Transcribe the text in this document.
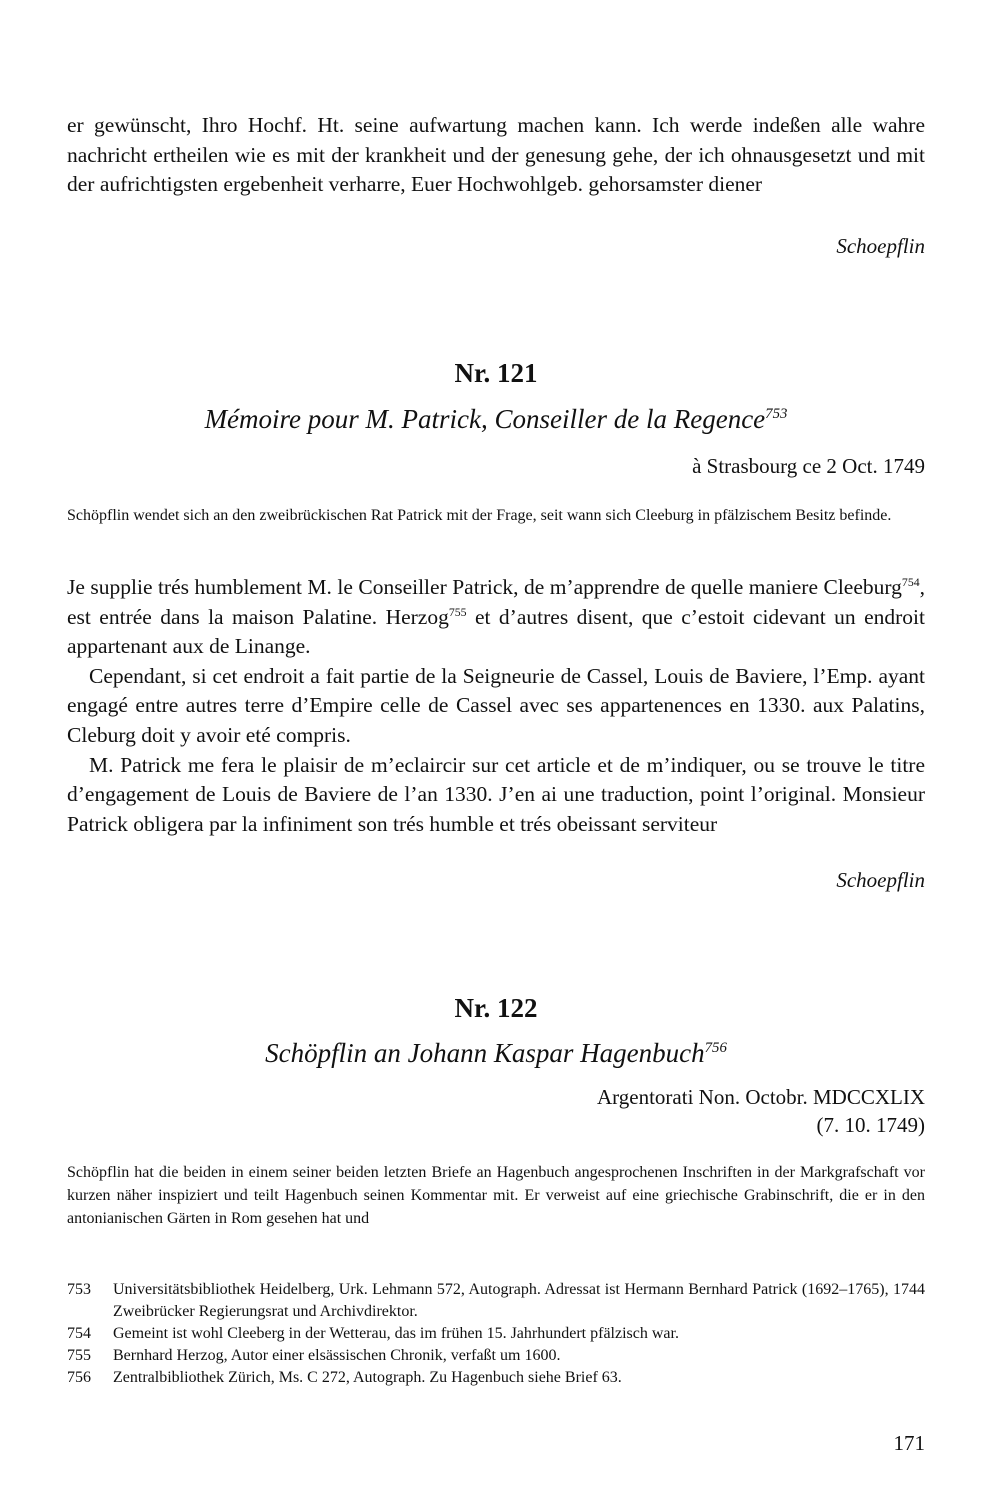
er gewünscht, Ihro Hochf. Ht. seine aufwartung machen kann. Ich werde indeßen alle wahre nachricht ertheilen wie es mit der krankheit und der genesung gehe, der ich ohnausgesetzt und mit der aufrichtigsten ergebenheit verharre, Euer Hochwohlgeb. gehorsamster diener

Schoepflin

Nr. 121

Mémoire pour M. Patrick, Conseiller de la Regence$^{753}$

à Strasbourg ce 2 Oct. 1749

Schöpflin wendet sich an den zweibrückischen Rat Patrick mit der Frage, seit wann sich Cleeburg in pfälzischem Besitz befinde.

Je supplie trés humblement M. le Conseiller Patrick, de m’apprendre de quelle maniere Cleeburg$^{754}$, est entrée dans la maison Palatine. Herzog$^{755}$ et d’autres disent, que c’estoit cidevant un endroit appartenant aux de Linange.

Cependant, si cet endroit a fait partie de la Seigneurie de Cassel, Louis de Baviere, l’Emp. ayant engagé entre autres terre d’Empire celle de Cassel avec ses appartenences en 1330. aux Palatins, Cleburg doit y avoir eté compris.

M. Patrick me fera le plaisir de m’eclaircir sur cet article et de m’indiquer, ou se trouve le titre d’engagement de Louis de Baviere de l’an 1330. J’en ai une traduction, point l’original. Monsieur Patrick obligera par la infiniment son trés humble et trés obeissant serviteur

Schoepflin

Nr. 122

Schöpflin an Johann Kaspar Hagenbuch$^{756}$

Argentorati Non. Octobr. MDCCXLIX

(7. 10. 1749)

Schöpflin hat die beiden in einem seiner beiden letzten Briefe an Hagenbuch angesprochenen Inschriften in der Markgrafschaft vor kurzen näher inspiziert und teilt Hagenbuch seinen Kommentar mit. Er verweist auf eine griechische Grabinschrift, die er in den antonianischen Gärten in Rom gesehen hat und

753	Universitätsbibliothek Heidelberg, Urk. Lehmann 572, Autograph. Adressat ist Hermann Bernhard Patrick (1692–1765), 1744 Zweibrücker Regierungsrat und Archivdirektor.
754	Gemeint ist wohl Cleeberg in der Wetterau, das im frühen 15. Jahrhundert pfälzisch war.
755	Bernhard Herzog, Autor einer elsässischen Chronik, verfaßt um 1600.
756	Zentralbibliothek Zürich, Ms. C 272, Autograph. Zu Hagenbuch siehe Brief 63.
171
